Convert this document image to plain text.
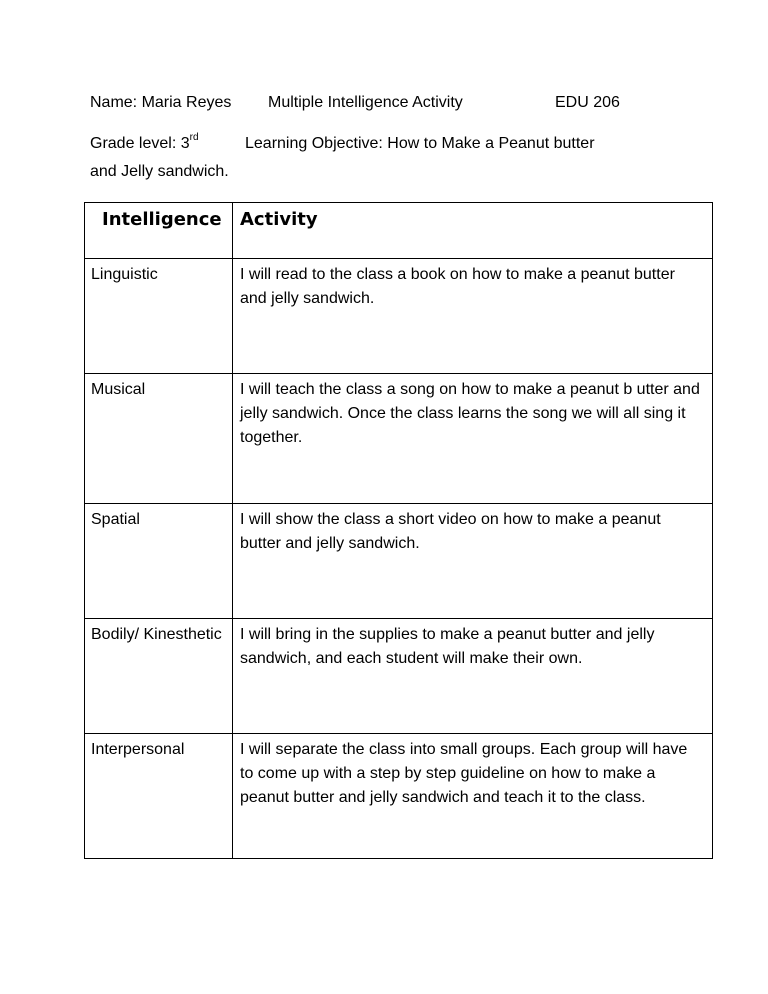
Name: Maria Reyes Multiple Intelligence Activity	EDU 206
Grade level: 3rd	Learning Objective: How to Make a Peanut butter
and Jelly sandwich.
Intelligence	Activity
Linguistic	I will read to the class a book on how to make a peanut butter and jelly sandwich.
Musical	I will teach the class a song on how to make a peanut b utter and jelly sandwich. Once the class learns the song we will all sing it together.
Spatial	I will show the class a short video on how to make a peanut butter and jelly sandwich.
Bodily/ Kinesthetic	I will bring in the supplies to make a peanut butter and jelly sandwich, and each student will make their own.
Interpersonal	I will separate the class into small groups. Each group will have to come up with a step by step guideline on how to make a peanut butter and jelly sandwich and teach it to the class.
